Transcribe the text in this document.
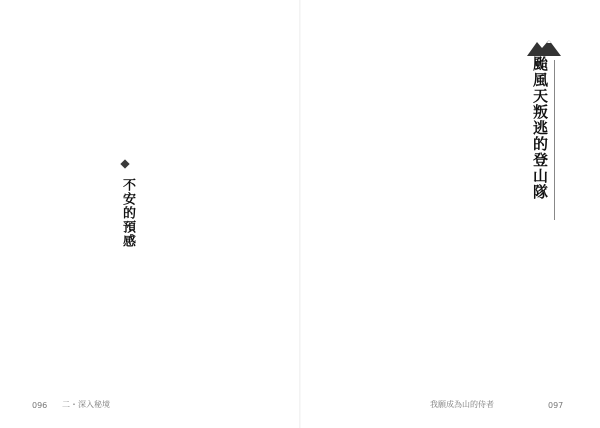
不安的預感
颱風天叛逃的登山隊
096 二・深入秘境	我願成為山的侍者	097
